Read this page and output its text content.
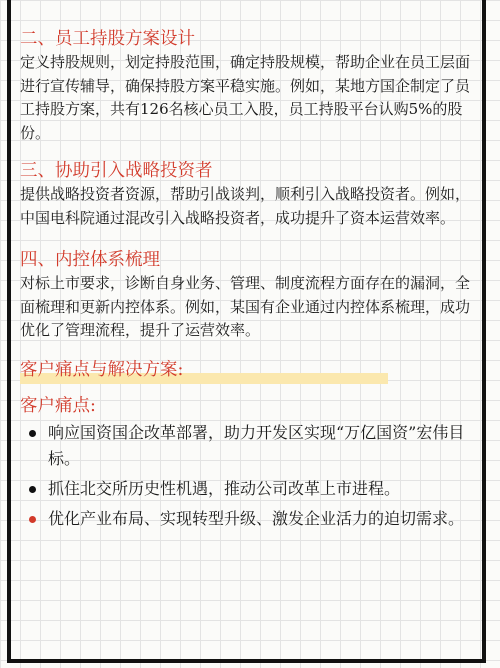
二、员工持股方案设计

定义持股规则，划定持股范围，确定持股规模，帮助企业在员工层面进行宣传辅导，确保持股方案平稳实施。例如，某地方国企制定了员工持股方案，共有126名核心员工入股，员工持股平台认购5%的股份。

三、协助引入战略投资者

提供战略投资者资源，帮助引战谈判，顺利引入战略投资者。例如，中国电科院通过混改引入战略投资者，成功提升了资本运营效率。

四、内控体系梳理

对标上市要求，诊断自身业务、管理、制度流程方面存在的漏洞，全面梳理和更新内控体系。例如，某国有企业通过内控体系梳理，成功优化了管理流程，提升了运营效率。

客户痛点与解决方案:
客户痛点:
响应国资国企改革部署，助力开发区实现“万亿国资”宏伟目标。
抓住北交所历史性机遇，推动公司改革上市进程。
优化产业布局、实现转型升级、激发企业活力的迫切需求。
